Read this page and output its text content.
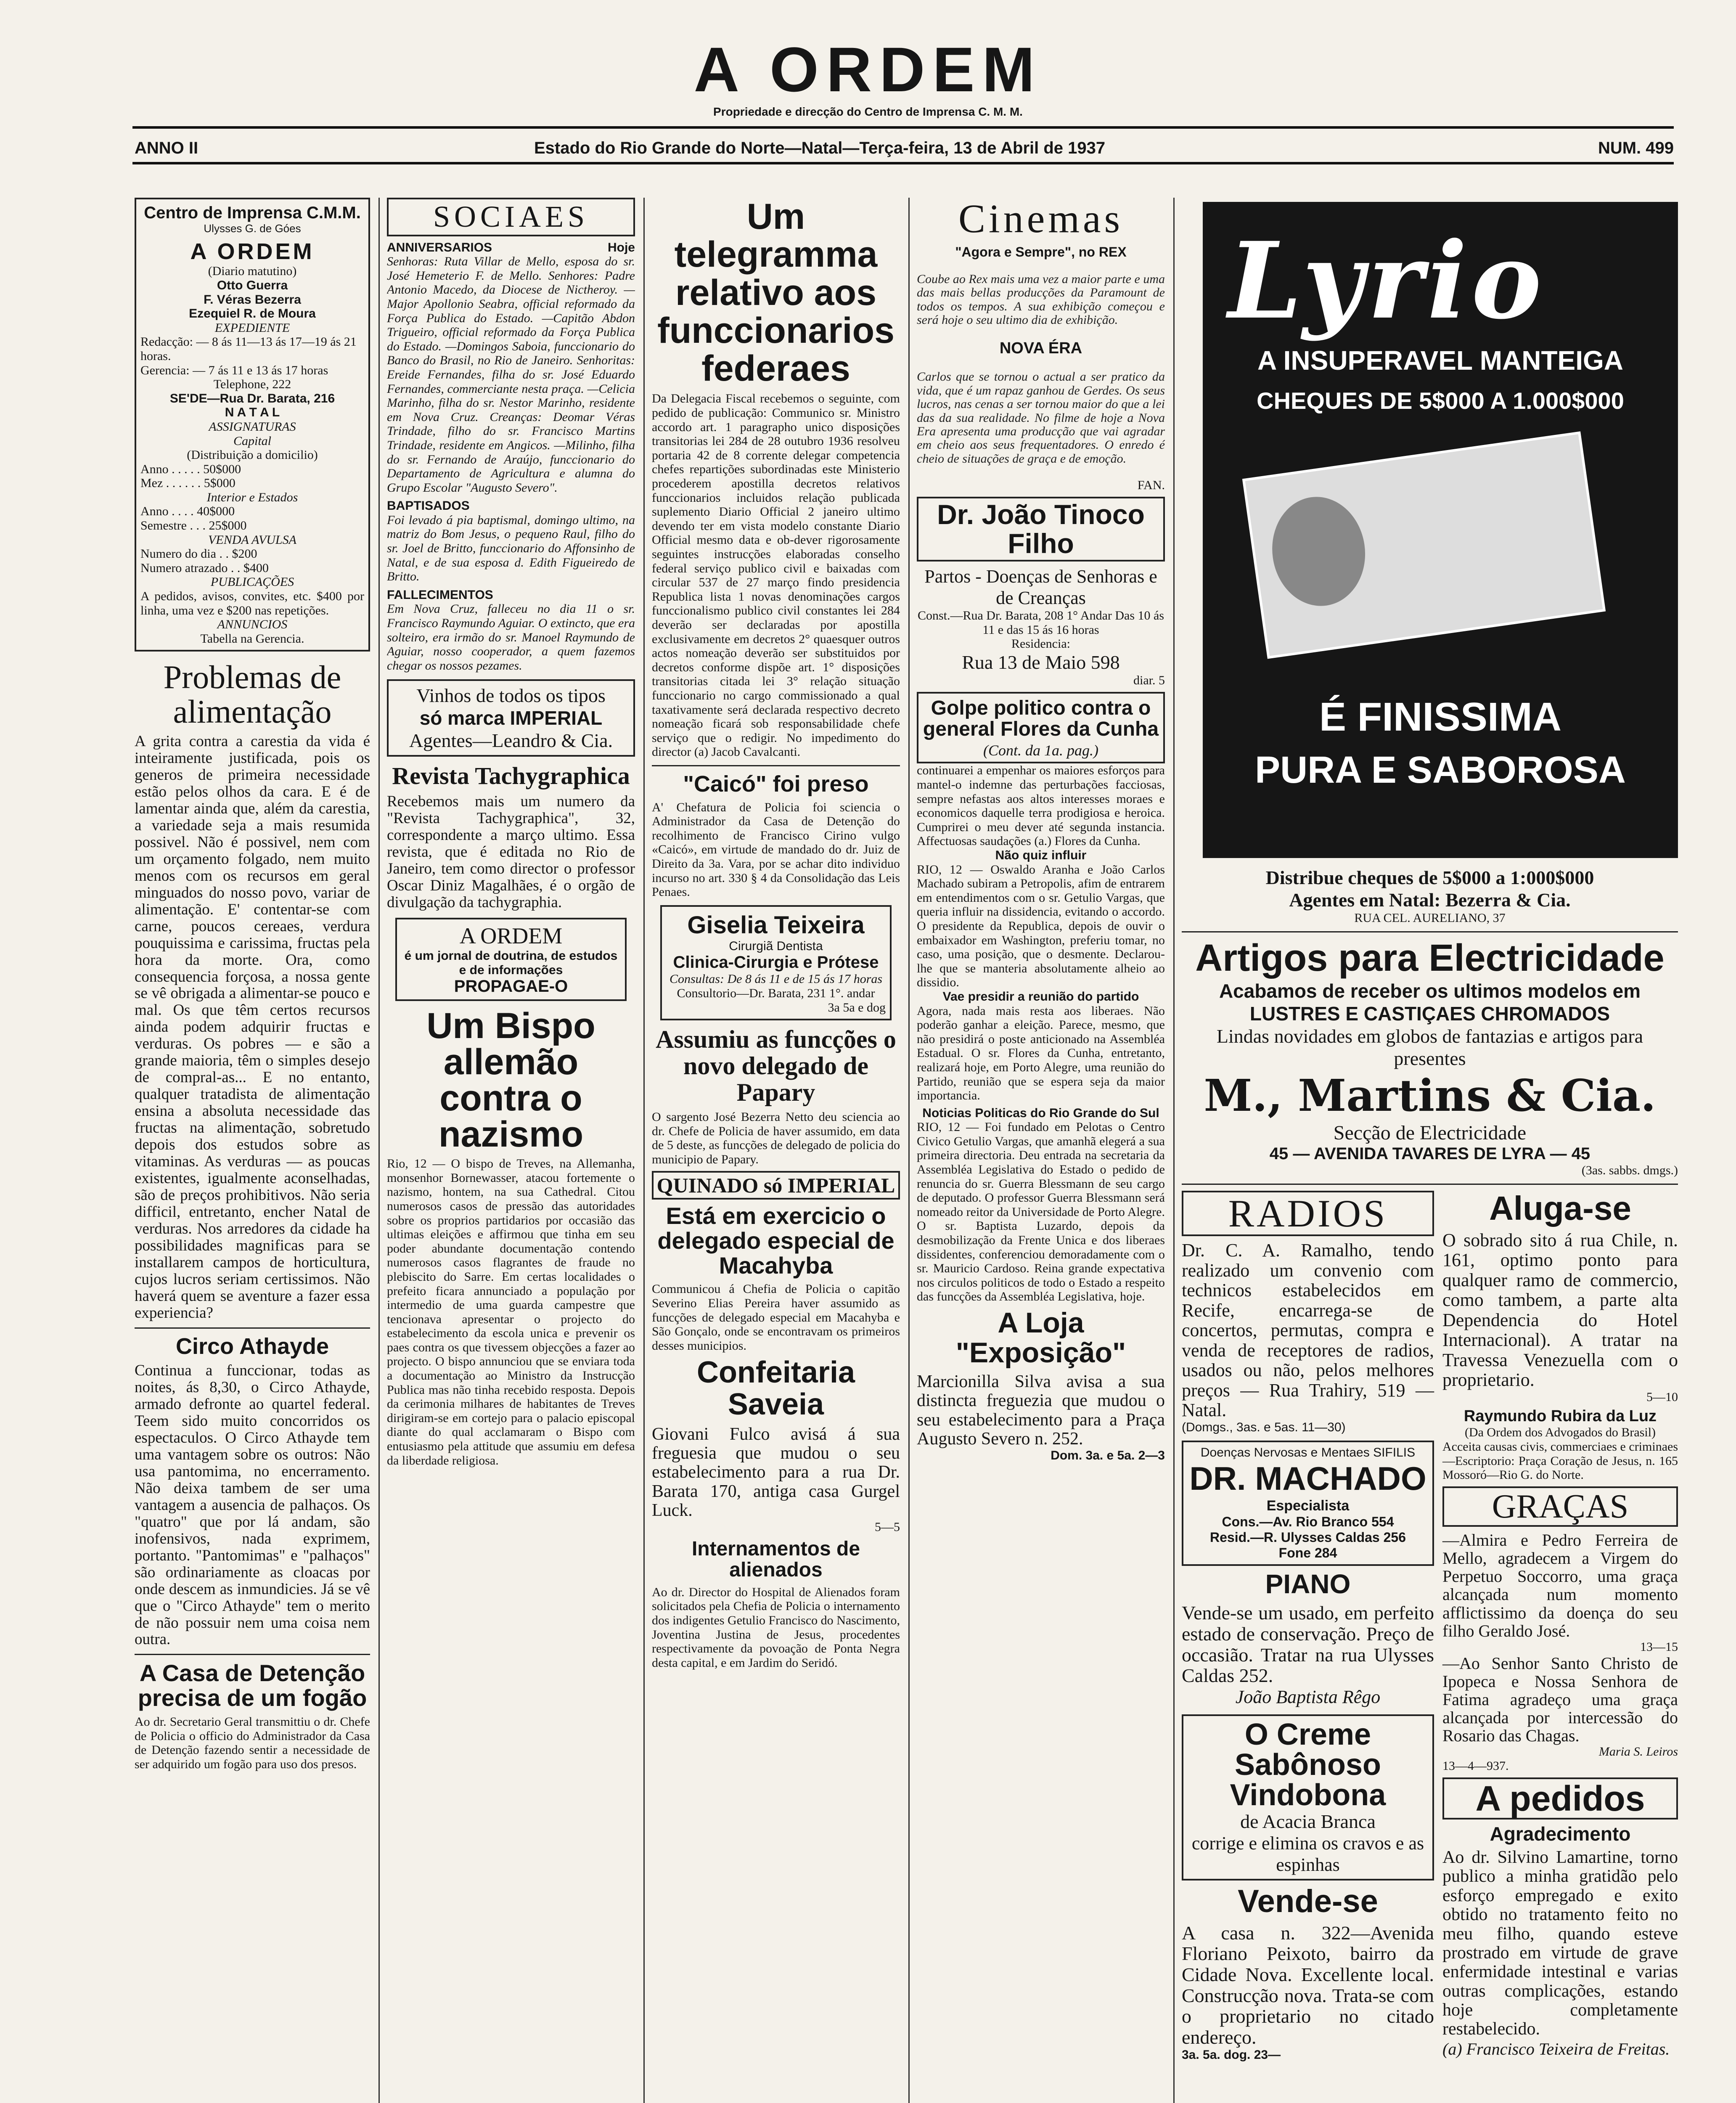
A ORDEM
Propriedade e direcção do Centro de Imprensa C. M. M.
ANNO II	Estado do Rio Grande do Norte—Natal—Terça-feira, 13 de Abril de 1937	NUM. 499
Centro de Imprensa C.M.M.
Ulysses G. de Góes
A ORDEM
(Diario matutino)
Otto Guerra
F. Véras Bezerra
Ezequiel R. de Moura
EXPEDIENTE
Redacção: — 8 ás 11—13 ás 17—19 ás 21 horas.
Gerencia: — 7 ás 11 e 13 ás 17 horas
Telephone, 222
SE'DE—Rua Dr. Barata, 216
N A T A L
ASSIGNATURAS
Capital
(Distribuição a domicilio)
Anno . . . . . 50$000
Mez . . . . . . 5$000
Interior e Estados
Anno . . . . 40$000
Semestre . . . 25$000
VENDA AVULSA
Numero do dia . . $200
Numero atrazado . . $400
PUBLICAÇÕES
A pedidos, avisos, convites, etc. $400 por linha, uma vez e $200 nas repetições.
ANNUNCIOS
Tabella na Gerencia.
Problemas de alimentação

A grita contra a carestia da vida é inteiramente justificada, pois os generos de primeira necessidade estão pelos olhos da cara. E é de lamentar ainda que, além da carestia, a variedade seja a mais resumida possivel. Não é possivel, nem com um orçamento folgado, nem muito menos com os recursos em geral minguados do nosso povo, variar de alimentação. E' contentar-se com carne, poucos cereaes, verdura pouquissima e carissima, fructas pela hora da morte. Ora, como consequencia forçosa, a nossa gente se vê obrigada a alimentar-se pouco e mal. Os que têm certos recursos ainda podem adquirir fructas e verduras. Os pobres — e são a grande maioria, têm o simples desejo de compral-as... E no entanto, qualquer tratadista de alimentação ensina a absoluta necessidade das fructas na alimentação, sobretudo depois dos estudos sobre as vitaminas. As verduras — as poucas existentes, igualmente aconselhadas, são de preços prohibitivos. Não seria difficil, entretanto, encher Natal de verduras. Nos arredores da cidade ha possibilidades magnificas para se installarem campos de horticultura, cujos lucros seriam certissimos. Não haverá quem se aventure a fazer essa experiencia?

Circo Athayde

Continua a funccionar, todas as noites, ás 8,30, o Circo Athayde, armado defronte ao quartel federal. Teem sido muito concorridos os espectaculos. O Circo Athayde tem uma vantagem sobre os outros: Não usa pantomima, no encerramento. Não deixa tambem de ser uma vantagem a ausencia de palhaços. Os "quatro" que por lá andam, são inofensivos, nada exprimem, portanto. "Pantomimas" e "palhaços" são ordinariamente as cloacas por onde descem as inmundicies. Já se vê que o "Circo Athayde" tem o merito de não possuir nem uma coisa nem outra.

A Casa de Detenção precisa de um fogão

Ao dr. Secretario Geral transmittiu o dr. Chefe de Policia o officio do Administrador da Casa de Detenção fazendo sentir a necessidade de ser adquirido um fogão para uso dos presos.

SOCIAES
ANNIVERSARIOS	Hoje

Senhoras: Ruta Villar de Mello, esposa do sr. José Hemeterio F. de Mello. Senhores: Padre Antonio Macedo, da Diocese de Nictheroy. —Major Apollonio Seabra, official reformado da Força Publica do Estado. —Capitão Abdon Trigueiro, official reformado da Força Publica do Estado. —Domingos Saboia, funccionario do Banco do Brasil, no Rio de Janeiro. Senhoritas: Ereide Fernandes, filha do sr. José Eduardo Fernandes, commerciante nesta praça. —Celicia Marinho, filha do sr. Nestor Marinho, residente em Nova Cruz. Creanças: Deomar Véras Trindade, filho do sr. Francisco Martins Trindade, residente em Angicos. —Milinho, filha do sr. Fernando de Araújo, funccionario do Departamento de Agricultura e alumna do Grupo Escolar "Augusto Severo".

BAPTISADOS

Foi levado á pia baptismal, domingo ultimo, na matriz do Bom Jesus, o pequeno Raul, filho do sr. Joel de Britto, funccionario do Affonsinho de Natal, e de sua esposa d. Edith Figueiredo de Britto.

FALLECIMENTOS

Em Nova Cruz, falleceu no dia 11 o sr. Francisco Raymundo Aguiar. O extincto, que era solteiro, era irmão do sr. Manoel Raymundo de Aguiar, nosso cooperador, a quem fazemos chegar os nossos pezames.

Vinhos de todos os tipos
só marca IMPERIAL
Agentes—Leandro & Cia.
Revista Tachygraphica

Recebemos mais um numero da "Revista Tachygraphica", 32, correspondente a março ultimo. Essa revista, que é editada no Rio de Janeiro, tem como director o professor Oscar Diniz Magalhães, é o orgão de divulgação da tachygraphia.

A ORDEM
é um jornal de doutrina, de estudos e de informações
PROPAGAE-O
Um Bispo allemão contra o nazismo

Rio, 12 — O bispo de Treves, na Allemanha, monsenhor Bornewasser, atacou fortemente o nazismo, hontem, na sua Cathedral. Citou numerosos casos de pressão das autoridades sobre os proprios partidarios por occasião das ultimas eleições e affirmou que tinha em seu poder abundante documentação contendo numerosos casos flagrantes de fraude no plebiscito do Sarre. Em certas localidades o prefeito ficara annunciado a população por intermedio de uma guarda campestre que tencionava apresentar o projecto do estabelecimento da escola unica e prevenir os paes contra os que tivessem objecções a fazer ao projecto. O bispo annunciou que se enviara toda a documentação ao Ministro da Instrucção Publica mas não tinha recebido resposta. Depois da cerimonia milhares de habitantes de Treves dirigiram-se em cortejo para o palacio episcopal diante do qual acclamaram o Bispo com entusiasmo pela attitude que assumiu em defesa da liberdade religiosa.

Um telegramma relativo aos funccionarios federaes

Da Delegacia Fiscal recebemos o seguinte, com pedido de publicação: Communico sr. Ministro accordo art. 1 paragrapho unico disposições transitorias lei 284 de 28 outubro 1936 resolveu portaria 42 de 8 corrente delegar competencia chefes repartições subordinadas este Ministerio procederem apostilla decretos relativos funccionarios incluidos relação publicada suplemento Diario Official 2 janeiro ultimo devendo ter em vista modelo constante Diario Official mesmo data e ob-dever rigorosamente seguintes instrucções elaboradas conselho federal serviço publico civil e baixadas com circular 537 de 27 março findo presidencia Republica lista 1 novas denominações cargos funccionalismo publico civil constantes lei 284 deverão ser declaradas por apostilla exclusivamente em decretos 2° quaesquer outros actos nomeação deverão ser substituidos por decretos conforme dispõe art. 1° disposições transitorias citada lei 3° relação situação funccionario no cargo commissionado a qual taxativamente será declarada respectivo decreto nomeação ficará sob responsabilidade chefe serviço que o redigir. No impedimento do director (a) Jacob Cavalcanti.

"Caicó" foi preso

A' Chefatura de Policia foi sciencia o Administrador da Casa de Detenção do recolhimento de Francisco Cirino vulgo «Caicó», em virtude de mandado do dr. Juiz de Direito da 3a. Vara, por se achar dito individuo incurso no art. 330 § 4 da Consolidação das Leis Penaes.

Giselia Teixeira
Cirurgiã Dentista
Clinica-Cirurgia e Prótese
Consultas: De 8 ás 11 e de 15 ás 17 horas
Consultorio—Dr. Barata, 231 1°. andar
3a 5a e dog
Assumiu as funcções o novo delegado de Papary

O sargento José Bezerra Netto deu sciencia ao dr. Chefe de Policia de haver assumido, em data de 5 deste, as funcções de delegado de policia do municipio de Papary.

QUINADO só IMPERIAL
Está em exercicio o delegado especial de Macahyba

Communicou á Chefia de Policia o capitão Severino Elias Pereira haver assumido as funcções de delegado especial em Macahyba e São Gonçalo, onde se encontravam os primeiros desses municipios.

Confeitaria Saveia

Giovani Fulco avisá á sua freguesia que mudou o seu estabelecimento para a rua Dr. Barata 170, antiga casa Gurgel Luck.

5—5
Internamentos de alienados

Ao dr. Director do Hospital de Alienados foram solicitados pela Chefia de Policia o internamento dos indigentes Getulio Francisco do Nascimento, Joventina Justina de Jesus, procedentes respectivamente da povoação de Ponta Negra desta capital, e em Jardim do Seridó.

Cinemas
"Agora e Sempre", no REX

Coube ao Rex mais uma vez a maior parte e uma das mais bellas producções da Paramount de todos os tempos. A sua exhibição começou e será hoje o seu ultimo dia de exhibição.

NOVA ÉRA

Carlos que se tornou o actual a ser pratico da vida, que é um rapaz ganhou de Gerdes. Os seus lucros, nas cenas a ser tornou maior do que a lei das da sua realidade. No filme de hoje a Nova Era apresenta uma producção que vai agradar em cheio aos seus frequentadores. O enredo é cheio de situações de graça e de emoção.

FAN.
Dr. João Tinoco Filho
Partos - Doenças de Senhoras e de Creanças
Const.—Rua Dr. Barata, 208 1° Andar Das 10 ás 11 e das 15 ás 16 horas
Residencia:
Rua 13 de Maio 598
diar. 5
Golpe politico contra o general Flores da Cunha
(Cont. da 1a. pag.)

continuarei a empenhar os maiores esforços para mantel-o indemne das perturbações facciosas, sempre nefastas aos altos interesses moraes e economicos daquelle terra prodigiosa e heroica. Cumprirei o meu dever até segunda instancia. Affectuosas saudações (a.) Flores da Cunha.

Não quiz influir

RIO, 12 — Oswaldo Aranha e João Carlos Machado subiram a Petropolis, afim de entrarem em entendimentos com o sr. Getulio Vargas, que queria influir na dissidencia, evitando o accordo. O presidente da Republica, depois de ouvir o embaixador em Washington, preferiu tomar, no caso, uma posição, que o desmente. Declarou-lhe que se manteria absolutamente alheio ao dissidio.

Vae presidir a reunião do partido

Agora, nada mais resta aos liberaes. Não poderão ganhar a eleição. Parece, mesmo, que não presidirá o poste anticionado na Assembléa Estadual. O sr. Flores da Cunha, entretanto, realizará hoje, em Porto Alegre, uma reunião do Partido, reunião que se espera seja da maior importancia.

Noticias Politicas do Rio Grande do Sul

RIO, 12 — Foi fundado em Pelotas o Centro Civico Getulio Vargas, que amanhã elegerá a sua primeira directoria. Deu entrada na secretaria da Assembléa Legislativa do Estado o pedido de renuncia do sr. Guerra Blessmann de seu cargo de deputado. O professor Guerra Blessmann será nomeado reitor da Universidade de Porto Alegre. O sr. Baptista Luzardo, depois da desmobilização da Frente Unica e dos liberaes dissidentes, conferenciou demoradamente com o sr. Mauricio Cardoso. Reina grande expectativa nos circulos politicos de todo o Estado a respeito das funcções da Assembléa Legislativa, hoje.

A Loja "Exposição"

Marcionilla Silva avisa a sua distincta freguezia que mudou o seu estabelecimento para a Praça Augusto Severo n. 252.

Dom. 3a. e 5a. 2—3
Lyrio
A INSUPERAVEL MANTEIGA
CHEQUES DE 5$000 A 1.000$000
É FINISSIMA
PURA E SABOROSA
Distribue cheques de 5$000 a 1:000$000
Agentes em Natal: Bezerra & Cia.
RUA CEL. AURELIANO, 37
Artigos para Electricidade
Acabamos de receber os ultimos modelos em LUSTRES E CASTIÇAES CHROMADOS
Lindas novidades em globos de fantazias e artigos para presentes
M., Martins & Cia.
Secção de Electricidade
45 — AVENIDA TAVARES DE LYRA — 45
(3as. sabbs. dmgs.)
RADIOS

Dr. C. A. Ramalho, tendo realizado um convenio com technicos estabelecidos em Recife, encarrega-se de concertos, permutas, compra e venda de receptores de radios, usados ou não, pelos melhores preços — Rua Trahiry, 519 — Natal.

(Domgs., 3as. e 5as. 11—30)
Doenças Nervosas e Mentaes SIFILIS
DR. MACHADO
Especialista
Cons.—Av. Rio Branco 554
Resid.—R. Ulysses Caldas 256
Fone 284
PIANO

Vende-se um usado, em perfeito estado de conservação. Preço de occasião. Tratar na rua Ulysses Caldas 252.

João Baptista Rêgo
O Creme Sabônoso Vindobona
de Acacia Branca
corrige e elimina os cravos e as espinhas
Vende-se

A casa n. 322—Avenida Floriano Peixoto, bairro da Cidade Nova. Excellente local. Construcção nova. Trata-se com o proprietario no citado endereço.

3a. 5a. dog. 23—
Aluga-se

O sobrado sito á rua Chile, n. 161, optimo ponto para qualquer ramo de commercio, como tambem, a parte alta Dependencia do Hotel Internacional). A tratar na Travessa Venezuella com o proprietario.

5—10
Raymundo Rubira da Luz
(Da Ordem dos Advogados do Brasil)

Acceita causas civis, commerciaes e criminaes—Escriptorio: Praça Coração de Jesus, n. 165 Mossoró—Rio G. do Norte.

GRAÇAS

—Almira e Pedro Ferreira de Mello, agradecem a Virgem do Perpetuo Soccorro, uma graça alcançada num momento afflictissimo da doença do seu filho Geraldo José.

13—15

—Ao Senhor Santo Christo de Ipopeca e Nossa Senhora de Fatima agradeço uma graça alcançada por intercessão do Rosario das Chagas.

Maria S. Leiros
13—4—937.
A pedidos
Agradecimento

Ao dr. Silvino Lamartine, torno publico a minha gratidão pelo esforço empregado e exito obtido no tratamento feito no meu filho, quando esteve prostrado em virtude de grave enfermidade intestinal e varias outras complicações, estando hoje completamente restabelecido.

(a) Francisco Teixeira de Freitas.
